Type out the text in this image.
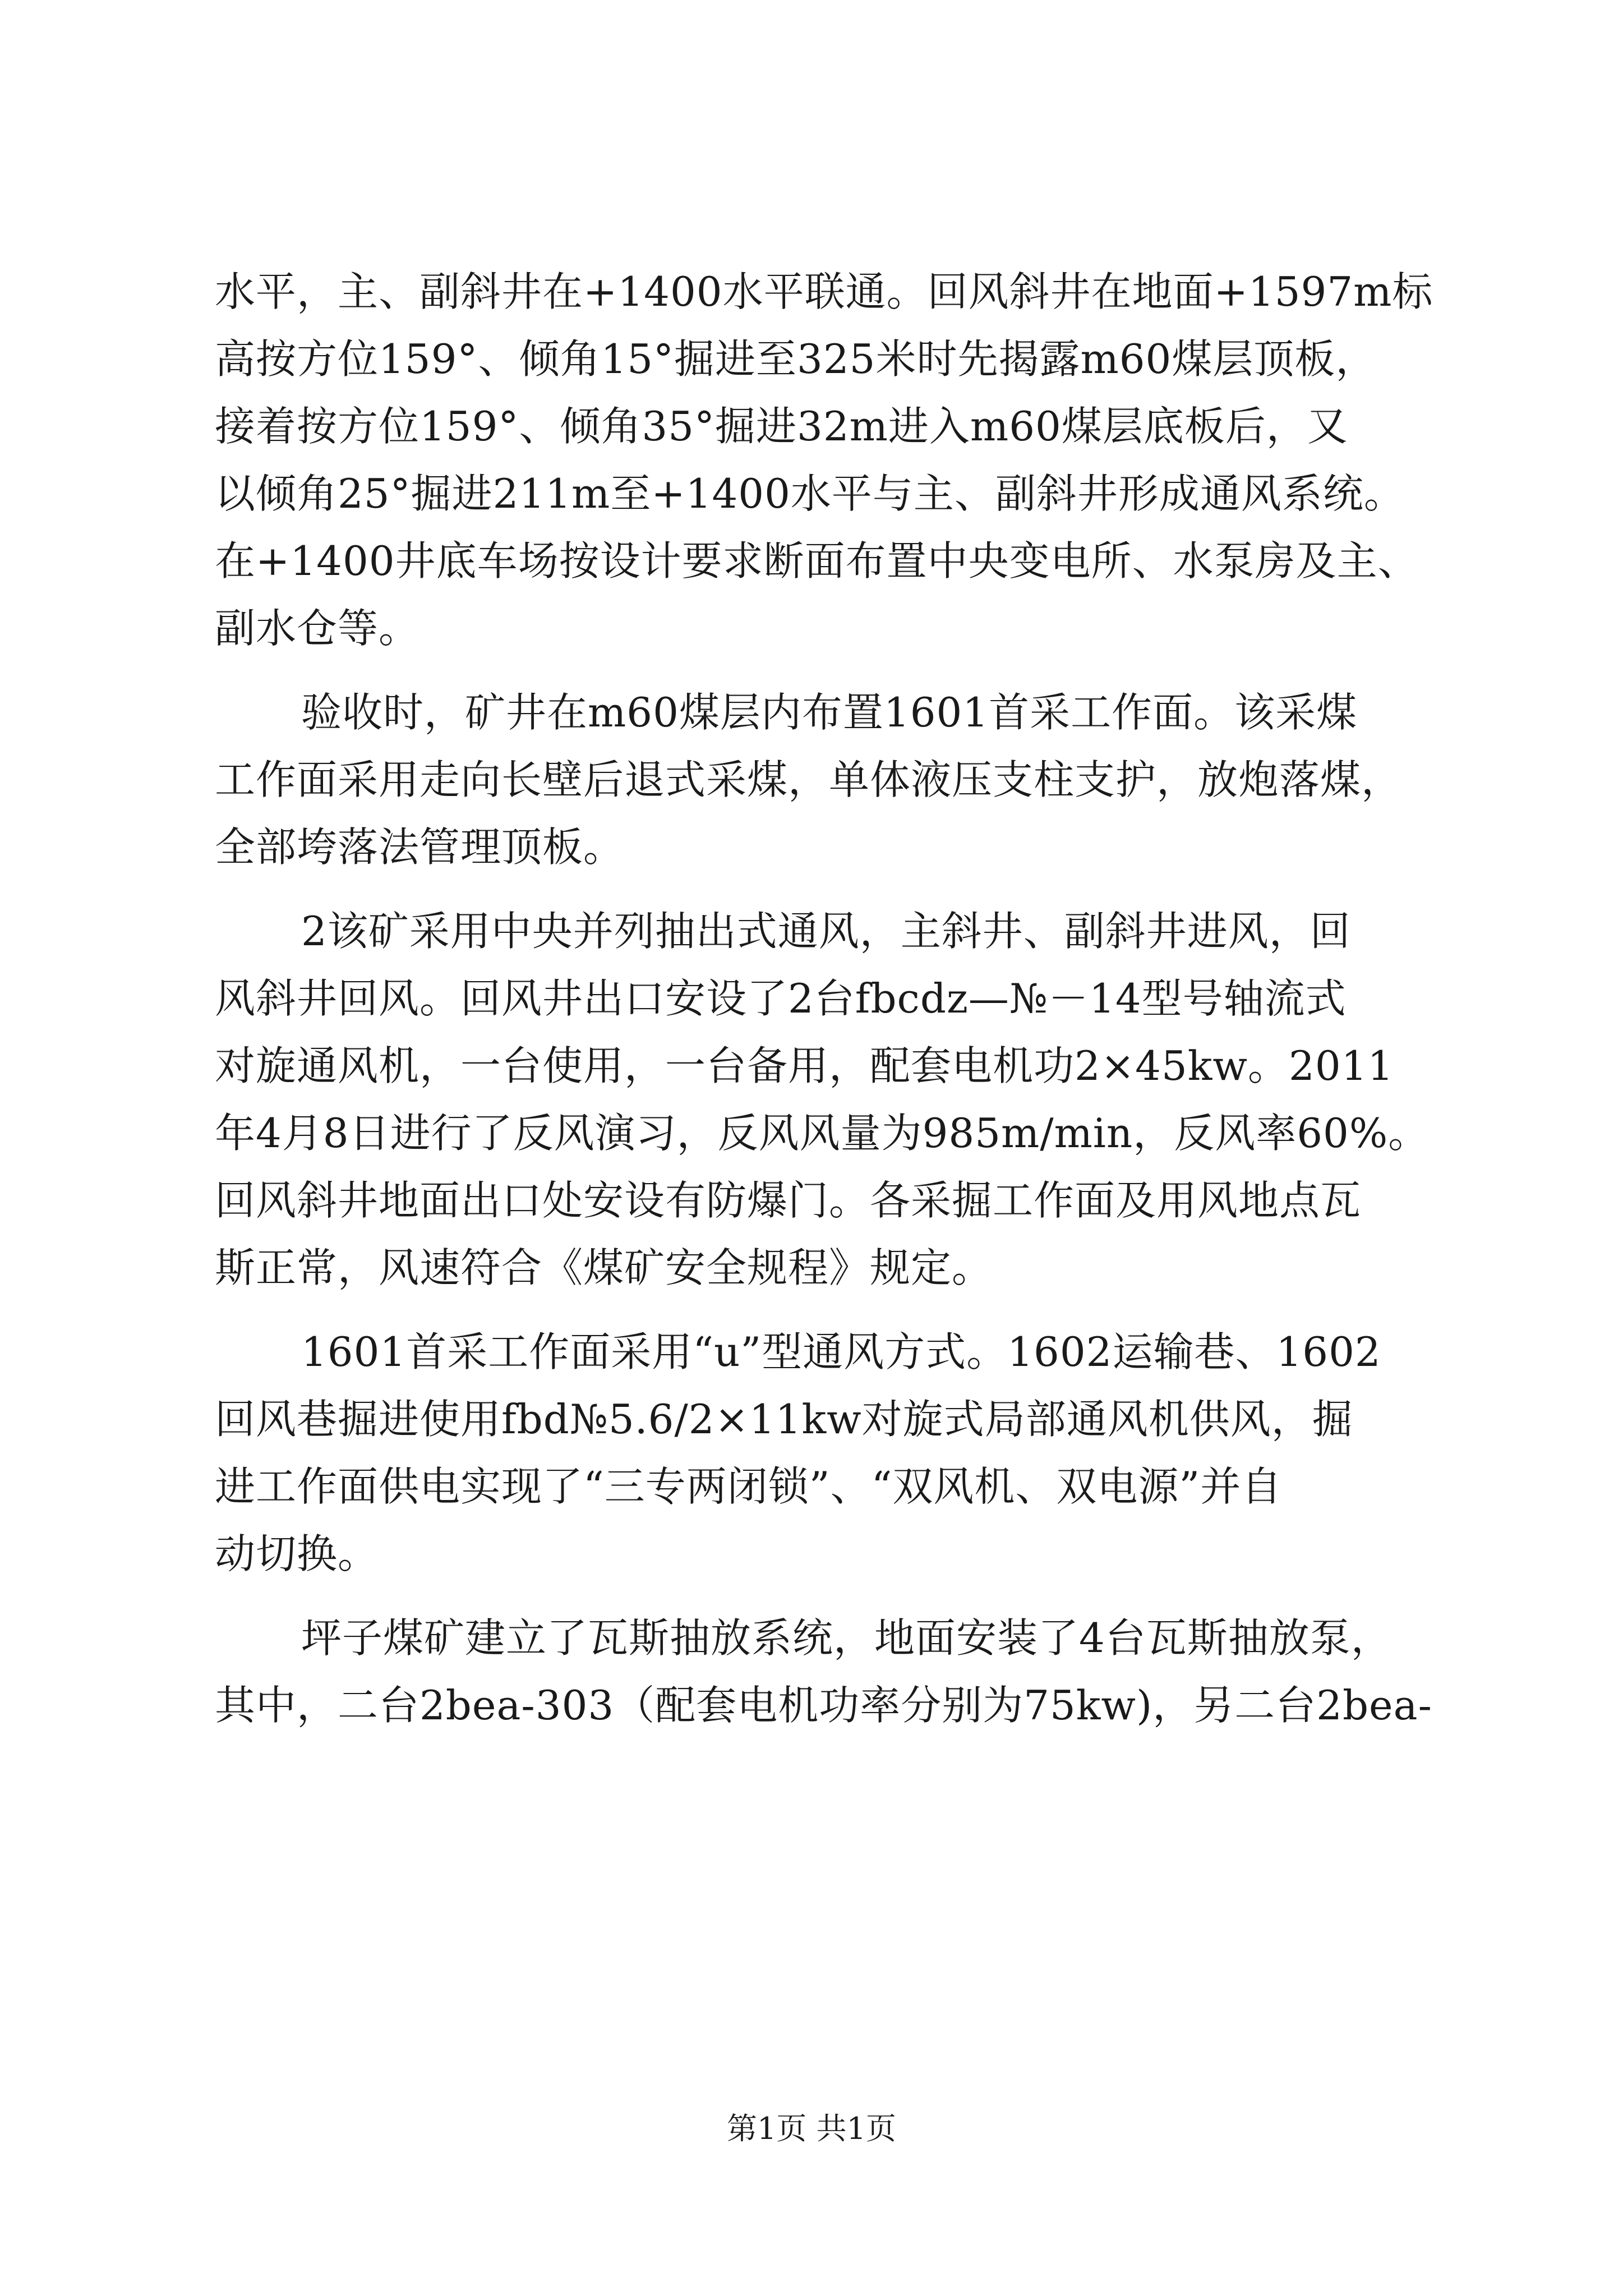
水平，主、副斜井在+1400水平联通。回风斜井在地面+1597m标
高按方位159°、倾角15°掘进至325米时先揭露m60煤层顶板，
接着按方位159°、倾角35°掘进32m进入m60煤层底板后，又
以倾角25°掘进211m至+1400水平与主、副斜井形成通风系统。
在+1400井底车场按设计要求断面布置中央变电所、水泵房及主、
副水仓等。
验收时，矿井在m60煤层内布置1601首采工作面。该采煤
工作面采用走向长壁后退式采煤，单体液压支柱支护，放炮落煤，
全部垮落法管理顶板。
2该矿采用中央并列抽出式通风，主斜井、副斜井进风，回
风斜井回风。回风井出口安设了2台fbcdz—№－14型号轴流式
对旋通风机，一台使用，一台备用，配套电机功2×45kw。2011
年4月8日进行了反风演习，反风风量为985m/min，反风率60%。
回风斜井地面出口处安设有防爆门。各采掘工作面及用风地点瓦
斯正常，风速符合《煤矿安全规程》规定。
1601首采工作面采用“u”型通风方式。1602运输巷、1602
回风巷掘进使用fbd№5.6/2×11kw对旋式局部通风机供风，掘
进工作面供电实现了“三专两闭锁”、“双风机、双电源”并自
动切换。
坪子煤矿建立了瓦斯抽放系统，地面安装了4台瓦斯抽放泵，
其中，二台2bea-303（配套电机功率分别为75kw)，另二台2bea-
第1页 共1页
